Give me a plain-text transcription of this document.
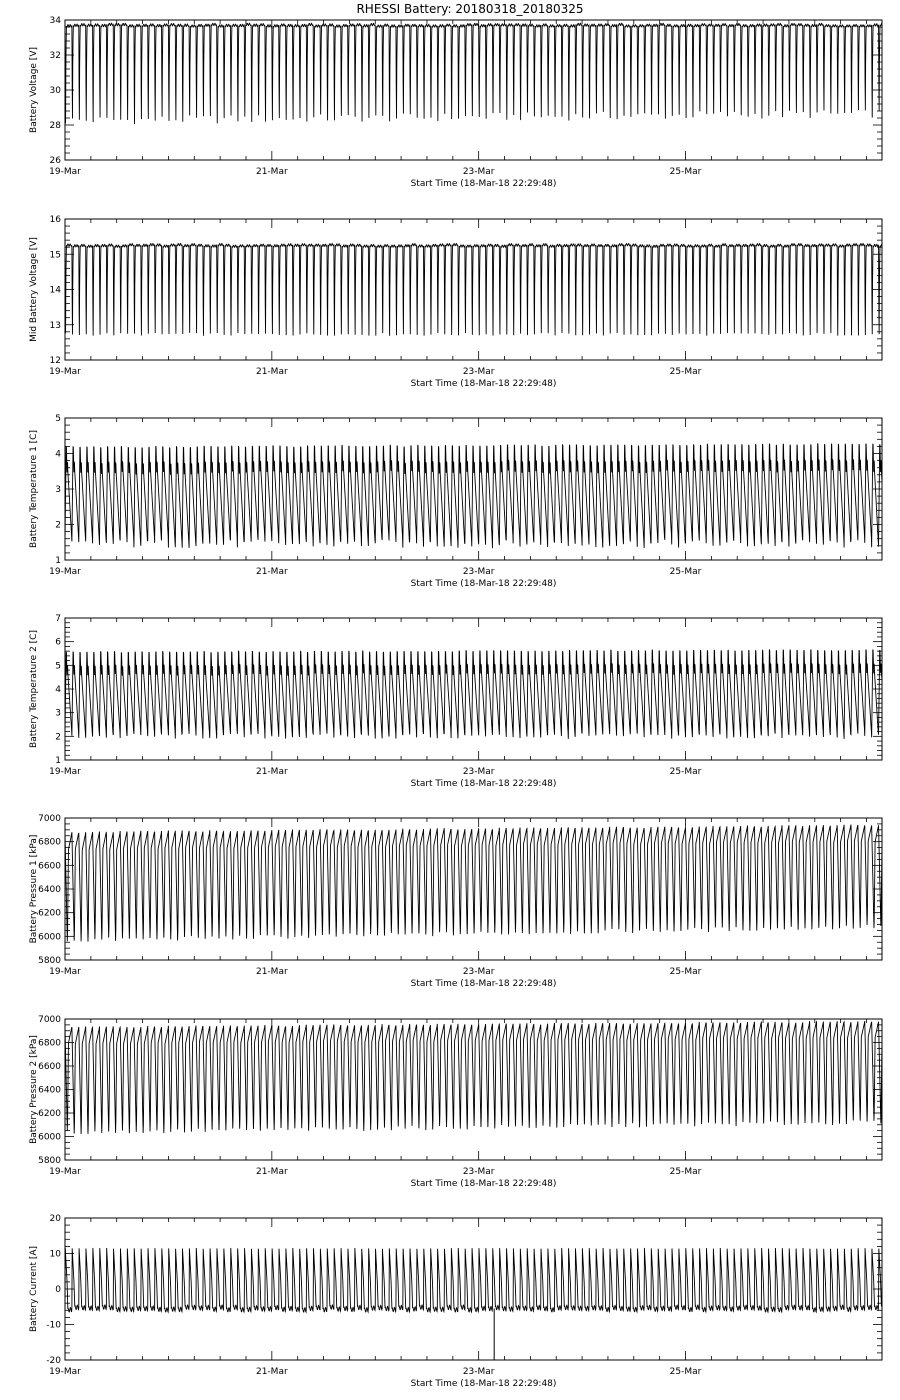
RHESSI Battery: 20180318_20180325
26
28
30
32
34
19-Mar	21-Mar	23-Mar	25-Mar
Start Time (18-Mar-18 22:29:48)
Battery Voltage [V]
12
13
14
15
16
19-Mar	21-Mar	23-Mar	25-Mar
Start Time (18-Mar-18 22:29:48)
Mid Battery Voltage [V]
1
2
3
4
5
19-Mar	21-Mar	23-Mar	25-Mar
Start Time (18-Mar-18 22:29:48)
Battery Temperature 1 [C]
1
2
3
4
5
6
7
19-Mar	21-Mar	23-Mar	25-Mar
Start Time (18-Mar-18 22:29:48)
Battery Temperature 2 [C]
5800
6000
6200
6400
6600
6800
7000
19-Mar	21-Mar	23-Mar	25-Mar
Start Time (18-Mar-18 22:29:48)
Battery Pressure 1 [kPa]
5800
6000
6200
6400
6600
6800
7000
19-Mar	21-Mar	23-Mar	25-Mar
Start Time (18-Mar-18 22:29:48)
Battery Pressure 2 [kPa]
-20
-10
0
10
20
19-Mar	21-Mar	23-Mar	25-Mar
Start Time (18-Mar-18 22:29:48)
Battery Current [A]
